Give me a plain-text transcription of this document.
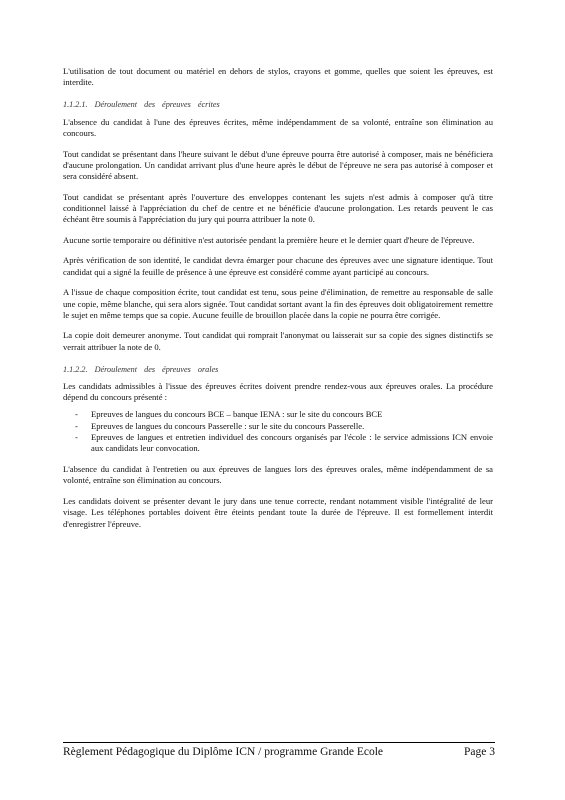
L'utilisation de tout document ou matériel en dehors de stylos, crayons et gomme, quelles que soient les épreuves, est interdite.

1.1.2.1. Déroulement des épreuves écrites

L'absence du candidat à l'une des épreuves écrites, même indépendamment de sa volonté, entraîne son élimination au concours.

Tout candidat se présentant dans l'heure suivant le début d'une épreuve pourra être autorisé à composer, mais ne bénéficiera d'aucune prolongation. Un candidat arrivant plus d'une heure après le début de l'épreuve ne sera pas autorisé à composer et sera considéré absent.

Tout candidat se présentant après l'ouverture des enveloppes contenant les sujets n'est admis à composer qu'à titre conditionnel laissé à l'appréciation du chef de centre et ne bénéficie d'aucune prolongation. Les retards peuvent le cas échéant être soumis à l'appréciation du jury qui pourra attribuer la note 0.

Aucune sortie temporaire ou définitive n'est autorisée pendant la première heure et le dernier quart d'heure de l'épreuve.

Après vérification de son identité, le candidat devra émarger pour chacune des épreuves avec une signature identique. Tout candidat qui a signé la feuille de présence à une épreuve est considéré comme ayant participé au concours.

A l'issue de chaque composition écrite, tout candidat est tenu, sous peine d'élimination, de remettre au responsable de salle une copie, même blanche, qui sera alors signée. Tout candidat sortant avant la fin des épreuves doit obligatoirement remettre le sujet en même temps que sa copie. Aucune feuille de brouillon placée dans la copie ne pourra être corrigée.

La copie doit demeurer anonyme. Tout candidat qui romprait l'anonymat ou laisserait sur sa copie des signes distinctifs se verrait attribuer la note de 0.

1.1.2.2. Déroulement des épreuves orales

Les candidats admissibles à l'issue des épreuves écrites doivent prendre rendez-vous aux épreuves orales. La procédure dépend du concours présenté :

- Epreuves de langues du concours BCE – banque IENA : sur le site du concours BCE
- Epreuves de langues du concours Passerelle : sur le site du concours Passerelle.
- Epreuves de langues et entretien individuel des concours organisés par l'école : le service admissions ICN envoie aux candidats leur convocation.

L'absence du candidat à l'entretien ou aux épreuves de langues lors des épreuves orales, même indépendamment de sa volonté, entraîne son élimination au concours.

Les candidats doivent se présenter devant le jury dans une tenue correcte, rendant notamment visible l'intégralité de leur visage. Les téléphones portables doivent être éteints pendant toute la durée de l'épreuve. Il est formellement interdit d'enregistrer l'épreuve.

Règlement Pédagogique du Diplôme ICN / programme Grande Ecole	Page 3
